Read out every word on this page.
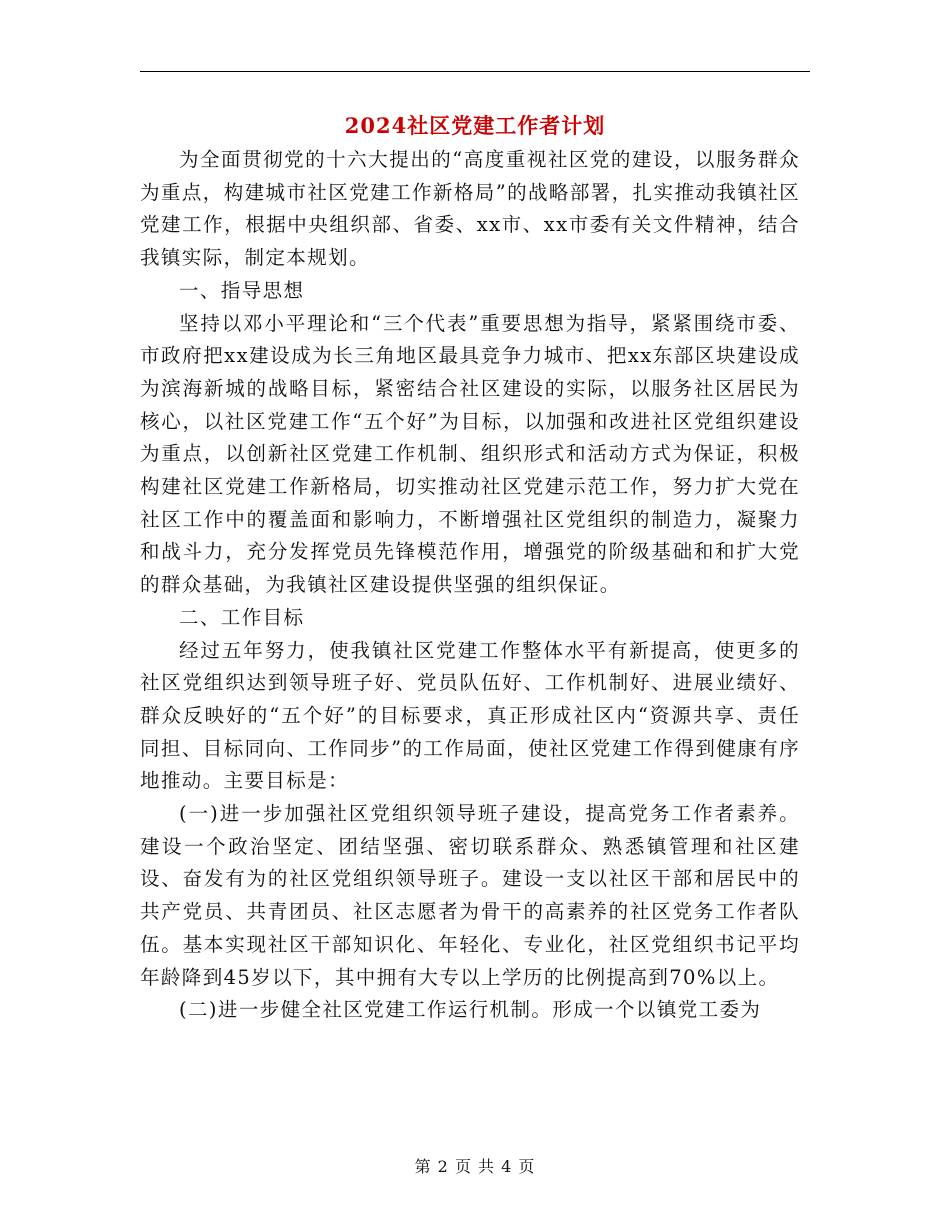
2024社区党建工作者计划

为全面贯彻党的十六大提出的“高度重视社区党的建设，以服务群众为重点，构建城市社区党建工作新格局”的战略部署，扎实推动我镇社区党建工作，根据中央组织部、省委、xx市、xx市委有关文件精神，结合我镇实际，制定本规划。

一、指导思想

坚持以邓小平理论和“三个代表”重要思想为指导，紧紧围绕市委、市政府把xx建设成为长三角地区最具竞争力城市、把xx东部区块建设成为滨海新城的战略目标，紧密结合社区建设的实际，以服务社区居民为核心，以社区党建工作“五个好”为目标，以加强和改进社区党组织建设为重点，以创新社区党建工作机制、组织形式和活动方式为保证，积极构建社区党建工作新格局，切实推动社区党建示范工作，努力扩大党在社区工作中的覆盖面和影响力，不断增强社区党组织的制造力，凝聚力和战斗力，充分发挥党员先锋模范作用，增强党的阶级基础和和扩大党的群众基础，为我镇社区建设提供坚强的组织保证。

二、工作目标

经过五年努力，使我镇社区党建工作整体水平有新提高，使更多的社区党组织达到领导班子好、党员队伍好、工作机制好、进展业绩好、群众反映好的“五个好”的目标要求，真正形成社区内“资源共享、责任同担、目标同向、工作同步”的工作局面，使社区党建工作得到健康有序地推动。主要目标是：

(一)进一步加强社区党组织领导班子建设，提高党务工作者素养。建设一个政治坚定、团结坚强、密切联系群众、熟悉镇管理和社区建设、奋发有为的社区党组织领导班子。建设一支以社区干部和居民中的共产党员、共青团员、社区志愿者为骨干的高素养的社区党务工作者队伍。基本实现社区干部知识化、年轻化、专业化，社区党组织书记平均年龄降到45岁以下，其中拥有大专以上学历的比例提高到70%以上。

(二)进一步健全社区党建工作运行机制。形成一个以镇党工委为

第 2 页 共 4 页
